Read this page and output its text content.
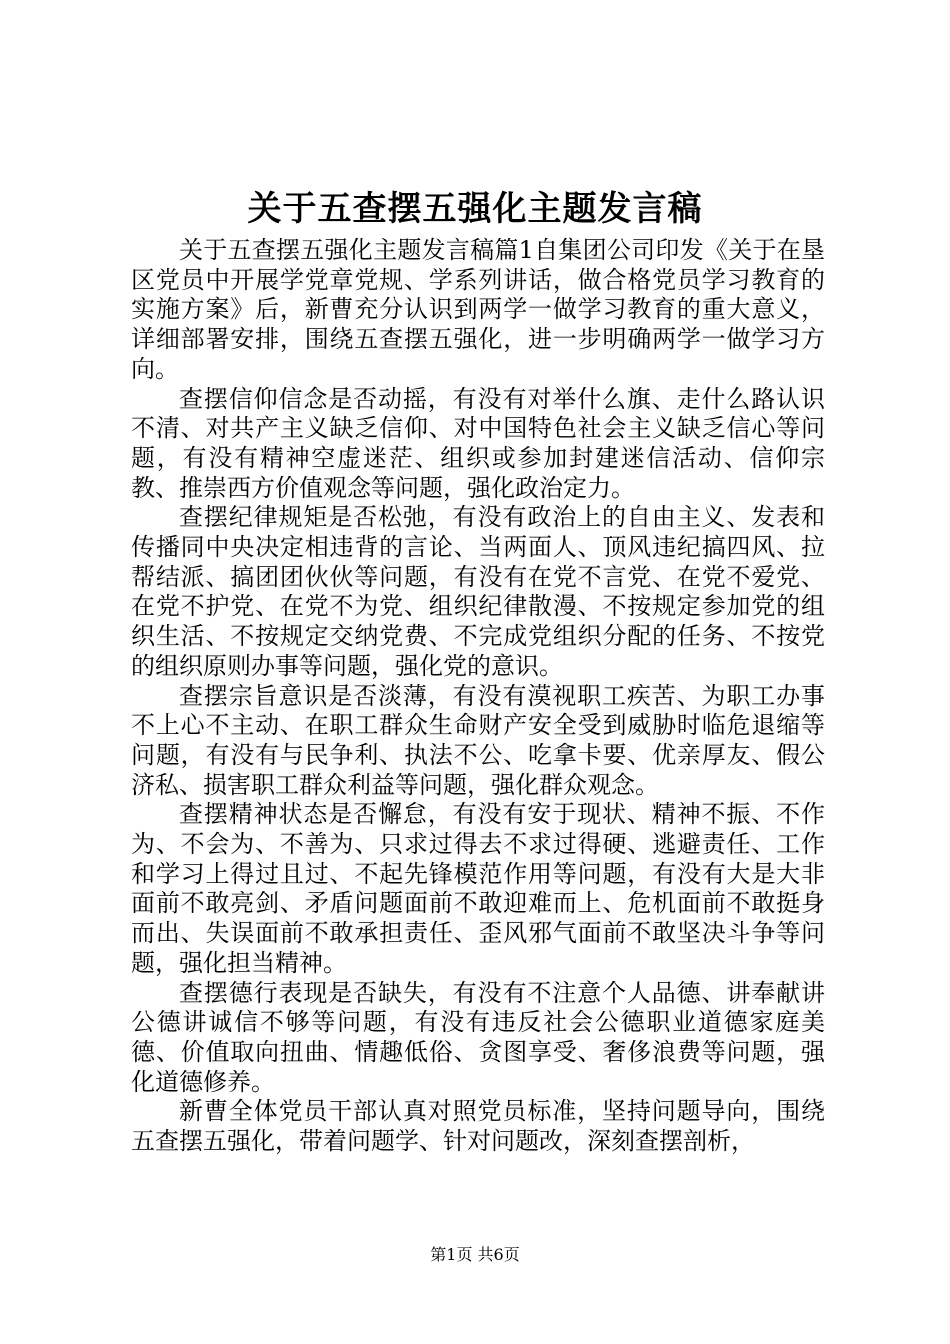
关于五查摆五强化主题发言稿

关于五查摆五强化主题发言稿篇1自集团公司印发《关于在垦区党员中开展学党章党规、学系列讲话，做合格党员学习教育的实施方案》后，新曹充分认识到两学一做学习教育的重大意义，详细部署安排，围绕五查摆五强化，进一步明确两学一做学习方向。

查摆信仰信念是否动摇，有没有对举什么旗、走什么路认识不清、对共产主义缺乏信仰、对中国特色社会主义缺乏信心等问题，有没有精神空虚迷茫、组织或参加封建迷信活动、信仰宗教、推崇西方价值观念等问题，强化政治定力。

查摆纪律规矩是否松弛，有没有政治上的自由主义、发表和传播同中央决定相违背的言论、当两面人、顶风违纪搞四风、拉帮结派、搞团团伙伙等问题，有没有在党不言党、在党不爱党、在党不护党、在党不为党、组织纪律散漫、不按规定参加党的组织生活、不按规定交纳党费、不完成党组织分配的任务、不按党的组织原则办事等问题，强化党的意识。

查摆宗旨意识是否淡薄，有没有漠视职工疾苦、为职工办事不上心不主动、在职工群众生命财产安全受到威胁时临危退缩等问题，有没有与民争利、执法不公、吃拿卡要、优亲厚友、假公济私、损害职工群众利益等问题，强化群众观念。

查摆精神状态是否懈怠，有没有安于现状、精神不振、不作为、不会为、不善为、只求过得去不求过得硬、逃避责任、工作和学习上得过且过、不起先锋模范作用等问题，有没有大是大非面前不敢亮剑、矛盾问题面前不敢迎难而上、危机面前不敢挺身而出、失误面前不敢承担责任、歪风邪气面前不敢坚决斗争等问题，强化担当精神。

查摆德行表现是否缺失，有没有不注意个人品德、讲奉献讲公德讲诚信不够等问题，有没有违反社会公德职业道德家庭美德、价值取向扭曲、情趣低俗、贪图享受、奢侈浪费等问题，强化道德修养。

新曹全体党员干部认真对照党员标准，坚持问题导向，围绕五查摆五强化，带着问题学、针对问题改，深刻查摆剖析，

第1页 共6页
